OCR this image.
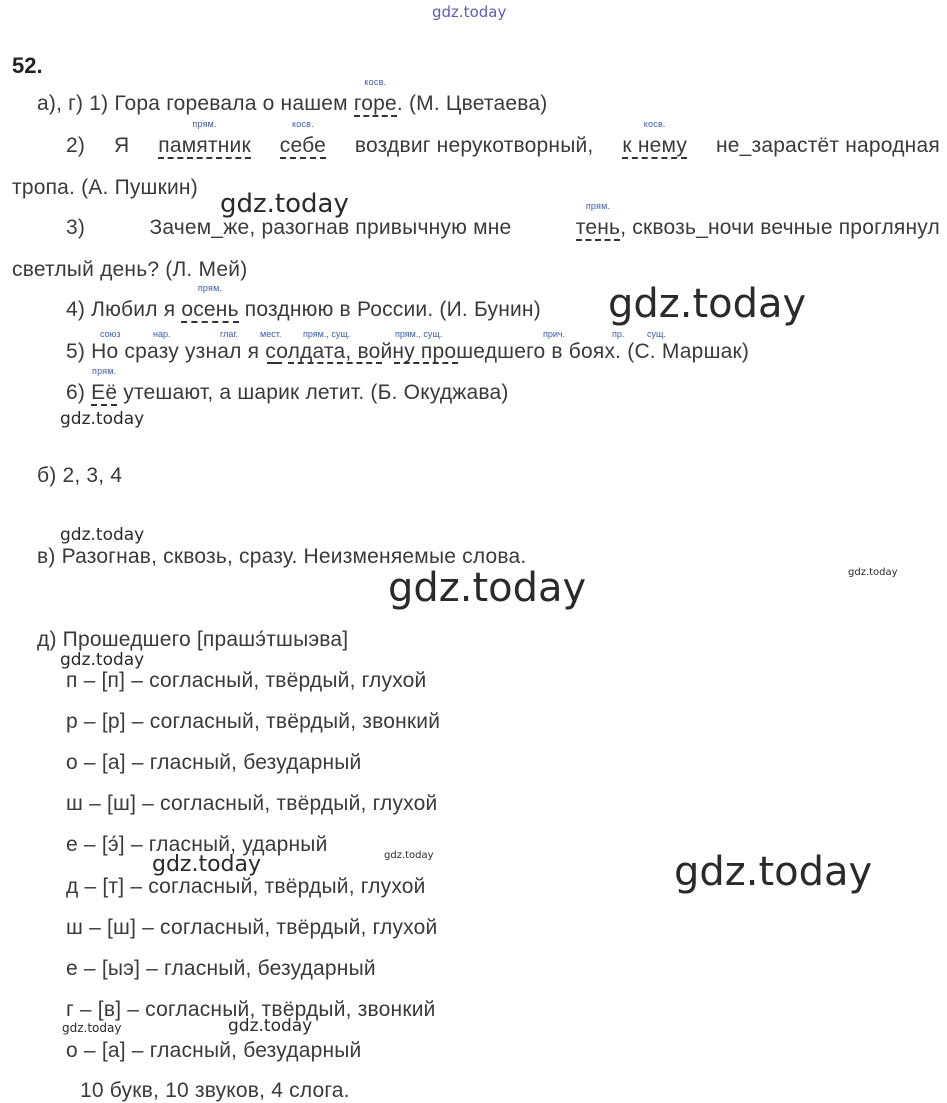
gdz.today
52.
а), г) 1) Гора горевала о нашем
косв.
горе. (М. Цветаева)
2) Я
прям.
памятник
косв.
себе воздвиг нерукотворный,
косв.
к нему не_зарастёт народная
тропа. (А. Пушкин)
3)	Зачем_же, разогнав привычную мне
прям.
тень, сквозь_ночи вечные проглянул
светлый день? (Л. Мей)
4) Любил я
прям.
осень позднюю в России. (И. Бунин)
союз	нар.	глаг. мест. прям., сущ.	прям., сущ.	прич.	пр.	сущ.
5) Но сразу узнал я солдата, войну прошедшего в боях. (С. Маршак)
6)
прям.
Её утешают, а шарик летит. (Б. Окуджава)
б) 2, 3, 4
в) Разогнав, сквозь, сразу. Неизменяемые слова.
д) Прошедшего [прашэ́тшыэва]
п – [п] – согласный, твёрдый, глухой
р – [р] – согласный, твёрдый, звонкий
о – [а] – гласный, безударный
ш – [ш] – согласный, твёрдый, глухой
е – [э́] – гласный, ударный
д – [т] – согласный, твёрдый, глухой
ш – [ш] – согласный, твёрдый, глухой
е – [ыэ] – гласный, безударный
г – [в] – согласный, твёрдый, звонкий
о – [а] – гласный, безударный
10 букв, 10 звуков, 4 слога.
gdz.today
gdz.today
gdz.today
gdz.today
gdz.today	gdz.today
gdz.today
gdz.today
gdz.today	gdz.today
gdz.today
gdz.today
